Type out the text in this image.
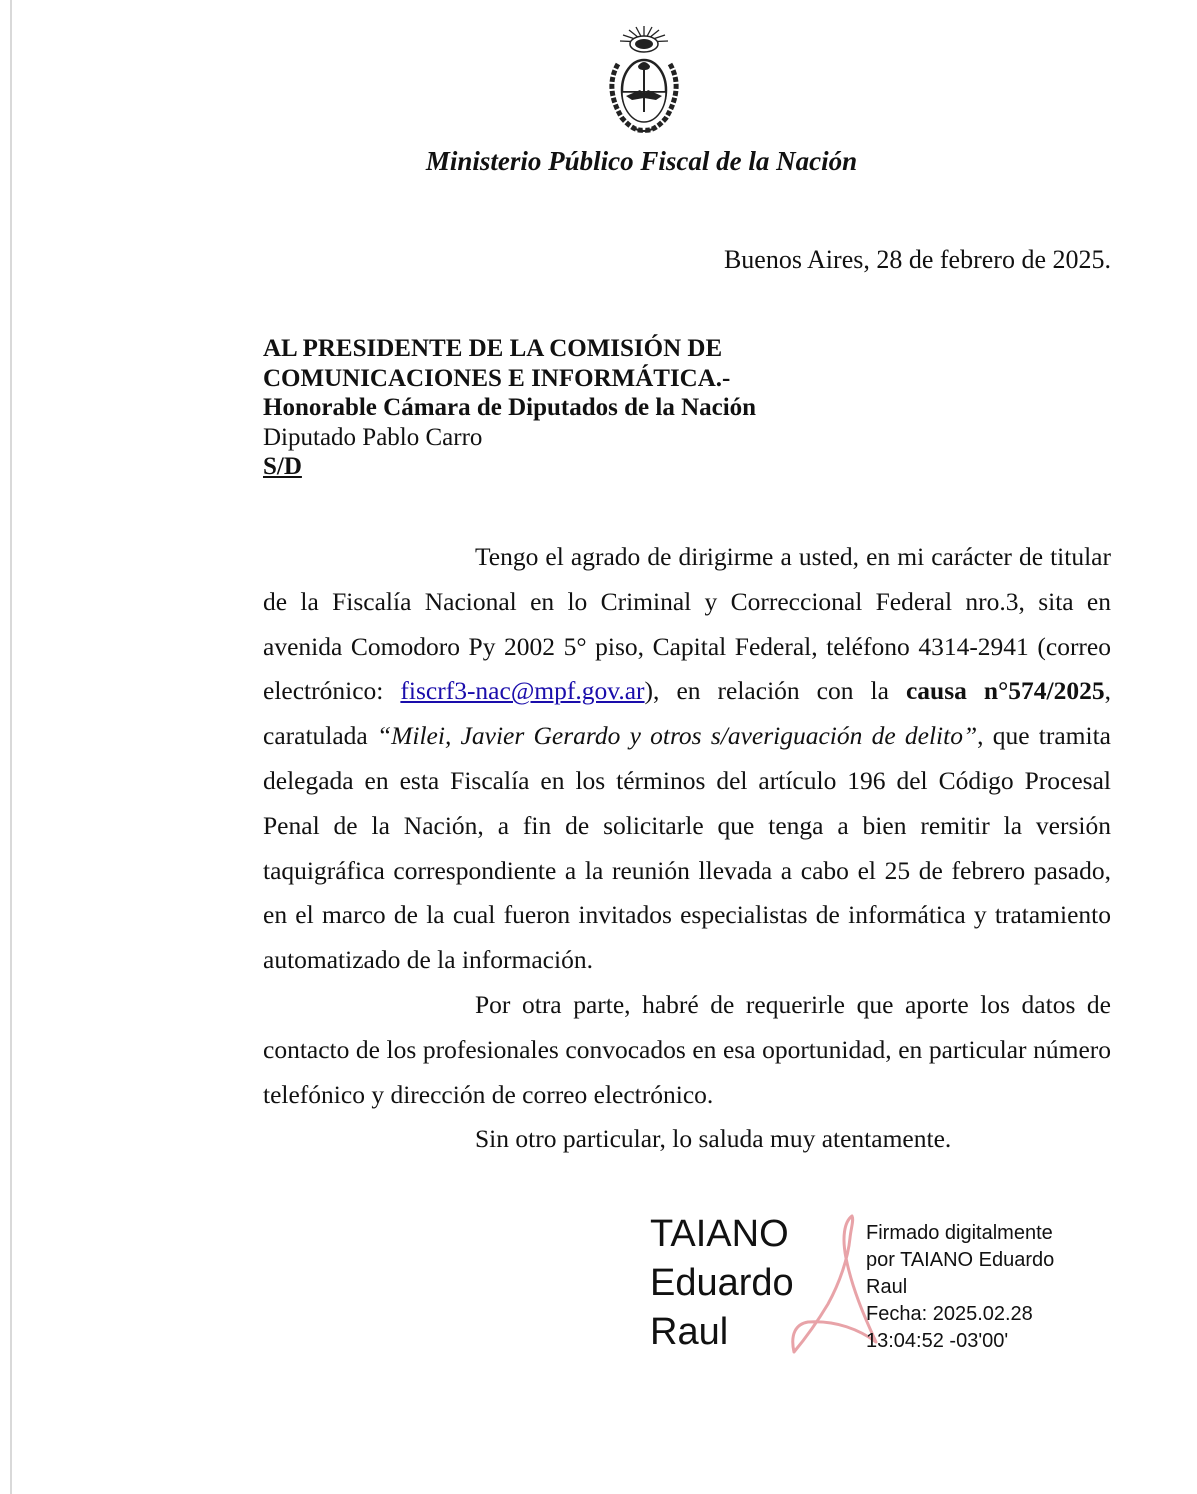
Ministerio Público Fiscal de la Nación

Buenos Aires, 28 de febrero de 2025.

AL PRESIDENTE DE LA COMISIÓN DE
COMUNICACIONES E INFORMÁTICA.-
Honorable Cámara de Diputados de la Nación
Diputado Pablo Carro
S/D

Tengo el agrado de dirigirme a usted, en mi carácter de titular de la Fiscalía Nacional en lo Criminal y Correccional Federal nro.3, sita en avenida Comodoro Py 2002 5° piso, Capital Federal, teléfono 4314-2941 (correo electrónico: fiscrf3-nac@mpf.gov.ar), en relación con la causa n°574/2025, caratulada “Milei, Javier Gerardo y otros s/averiguación de delito”, que tramita delegada en esta Fiscalía en los términos del artículo 196 del Código Procesal Penal de la Nación, a fin de solicitarle que tenga a bien remitir la versión taquigráfica correspondiente a la reunión llevada a cabo el 25 de febrero pasado, en el marco de la cual fueron invitados especialistas de informática y tratamiento automatizado de la información.

Por otra parte, habré de requerirle que aporte los datos de contacto de los profesionales convocados en esa oportunidad, en particular número telefónico y dirección de correo electrónico.

Sin otro particular, lo saluda muy atentamente.

TAIANO
Eduardo
Raul
Firmado digitalmente
por TAIANO Eduardo
Raul
Fecha: 2025.02.28
13:04:52 -03'00'
